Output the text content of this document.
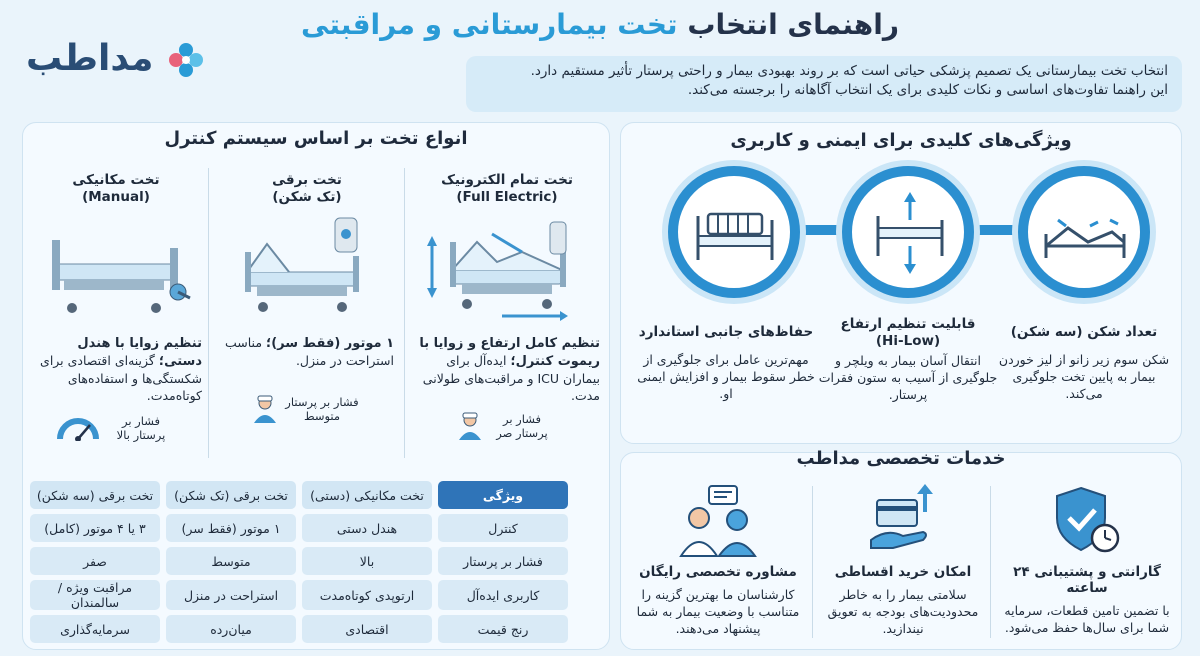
راهنمای انتخاب تخت بیمارستانی و مراقبتی
مداطب	انتخاب تخت بیمارستانی یک تصمیم پزشکی حیاتی است که بر روند بهبودی بیمار و راحتی پرستار تأثیر مستقیم دارد.
این راهنما تفاوت‌های اساسی و نکات کلیدی برای یک انتخاب آگاهانه را برجسته می‌کند.
انواع تخت بر اساس سیستم کنترل
تخت تمام الکترونیک
(Full Electric)
تنظیم کامل ارتفاع و زوایا با ریموت کنترل؛ ایده‌آل برای بیماران ICU و مراقبت‌های طولانی مدت.
فشار بر پرستار صر
تخت برقی
(تک شکن)
۱ موتور (فقط سر)؛ مناسب استراحت در منزل.
فشار بر پرستار متوسط
تخت مکانیکی
(Manual)
تنظیم زوایا با هندل دستی؛ گزینه‌ای اقتصادی برای شکستگی‌ها و استفاده‌های کوتاه‌مدت.
فشار بر پرستار بالا
ویژگی	تخت مکانیکی (دستی)	تخت برقی (تک شکن)	تخت برقی (سه شکن)
کنترل	هندل دستی	۱ موتور (فقط سر)	۳ یا ۴ موتور (کامل)
فشار بر پرستار	بالا	متوسط	صفر
کاربری ایده‌آل	ارتوپدی کوتاه‌مدت	استراحت در منزل	مراقبت ویژه / سالمندان
رنج قیمت	اقتصادی	میان‌رده	سرمایه‌گذاری
ویژگی‌های کلیدی برای ایمنی و کاربری
تعداد شکن (سه شکن)
شکن سوم زیر زانو از لیز خوردن بیمار به پایین تخت جلوگیری می‌کند.
قابلیت تنظیم ارتفاع
(Hi-Low)
انتقال آسان بیمار به ویلچر و جلوگیری از آسیب به ستون فقرات پرستار.
حفاظ‌های جانبی استاندارد
مهم‌ترین عامل برای جلوگیری از خطر سقوط بیمار و افزایش ایمنی او.
خدمات تخصصی مداطب
گارانتی و پشتیبانی ۲۴ ساعته
با تضمین تامین قطعات، سرمایه شما برای سال‌ها حفظ می‌شود.
امکان خرید اقساطی
سلامتی بیمار را به خاطر محدودیت‌های بودجه به تعویق نیندازید.
مشاوره تخصصی رایگان
کارشناسان ما بهترین گزینه را متناسب با وضعیت بیمار به شما پیشنهاد می‌دهند.
